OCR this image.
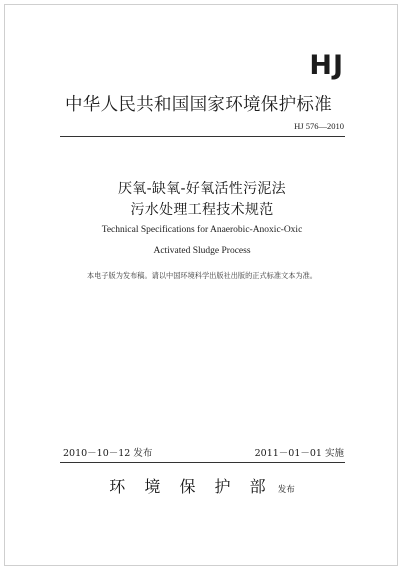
HJ
中华人民共和国国家环境保护标准
HJ 576—2010
厌氧-缺氧-好氧活性污泥法
污水处理工程技术规范
Technical Specifications for Anaerobic-Anoxic-Oxic
Activated Sludge Process
本电子版为发布稿。请以中国环境科学出版社出版的正式标准文本为准。
2010－10－12 发布	2011－01－01 实施
环 境 保 护 部 发布
